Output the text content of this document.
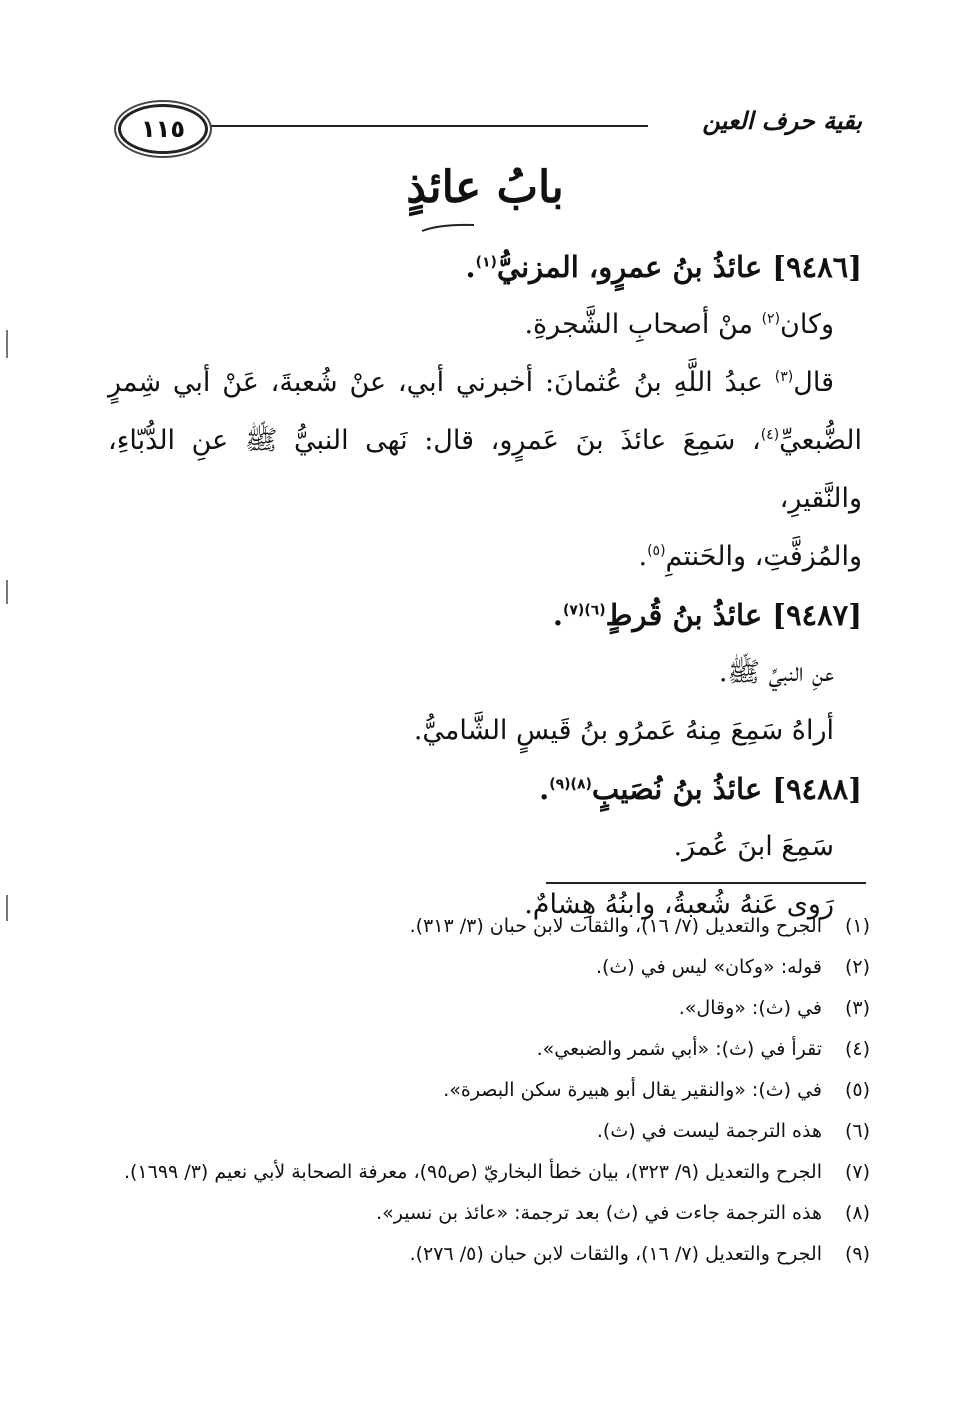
بقية حرف العين
١١٥
بابُ عائذٍ
[٩٤٨٦] عائذُ بنُ عمرٍو، المزنيُّ$^{(١)}$.
وكان$^{(٢)}$ منْ أصحابِ الشَّجرةِ.
قال$^{(٣)}$ عبدُ اللَّهِ بنُ عُثمانَ: أخبرني أبي، عنْ شُعبةَ، عَنْ أبي شِمرٍ
الضُّبعيِّ$^{(٤)}$، سَمِعَ عائذَ بنَ عَمرٍو، قال: نَهى النبيُّ ﷺ عنِ الدُّبّاءِ، والنَّقيرِ،
والمُزفَّتِ، والحَنتمِ$^{(٥)}$.
[٩٤٨٧] عائذُ بنُ قُرطٍ$^{(٦)(٧)}$.
عنِ النبيِّ ﷺ.
أراهُ سَمِعَ مِنهُ عَمرُو بنُ قَيسٍ الشَّاميُّ.
[٩٤٨٨] عائذُ بنُ نُصَيبٍ$^{(٨)(٩)}$.
سَمِعَ ابنَ عُمرَ.
رَوى عَنهُ شُعبةُ، وابنُهُ هِشامٌ.
(١)
الجرح والتعديل (٧/ ١٦)، والثقات لابن حبان (٣/ ٣١٣).
(٢)
قوله: «وكان» ليس في (ث).
(٣)
في (ث): «وقال».
(٤)
تقرأ في (ث): «أبي شمر والضبعي».
(٥)
في (ث): «والنقير يقال أبو هبيرة سكن البصرة».
(٦)
هذه الترجمة ليست في (ث).
(٧)
الجرح والتعديل (٩/ ٣٢٣)، بيان خطأ البخاريّ (ص٩٥)، معرفة الصحابة لأبي نعيم (٣/ ١٦٩٩).
(٨)
هذه الترجمة جاءت في (ث) بعد ترجمة: «عائذ بن نسير».
(٩)
الجرح والتعديل (٧/ ١٦)، والثقات لابن حبان (٥/ ٢٧٦).
